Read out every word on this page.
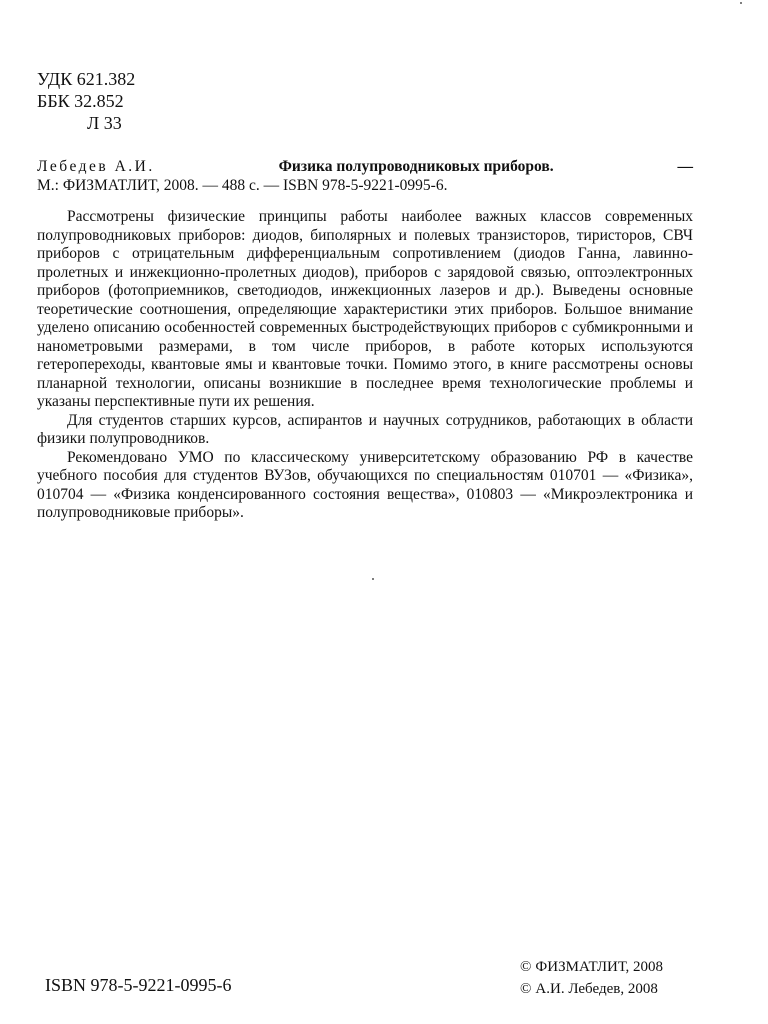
УДК 621.382
ББК 32.852
Л 33
Лебедев А.И.	Физика полупроводниковых приборов.	—
М.: ФИЗМАТЛИТ, 2008. — 488 с. — ISBN 978-5-9221-0995-6.

Рассмотрены физические принципы работы наиболее важных классов современных полупроводниковых приборов: диодов, биполярных и полевых транзисторов, тиристоров, СВЧ приборов с отрицательным дифференциальным сопротивлением (диодов Ганна, лавинно-пролетных и инжекционно-пролетных диодов), приборов с зарядовой связью, оптоэлектронных приборов (фотоприемников, светодиодов, инжекционных лазеров и др.). Выведены основные теоретические соотношения, определяющие характеристики этих приборов. Большое внимание уделено описанию особенностей современных быстродействующих приборов с субмикронными и нанометровыми размерами, в том числе приборов, в работе которых используются гетеропереходы, квантовые ямы и квантовые точки. Помимо этого, в книге рассмотрены основы планарной технологии, описаны возникшие в последнее время технологические проблемы и указаны перспективные пути их решения.

Для студентов старших курсов, аспирантов и научных сотрудников, работающих в области физики полупроводников.

Рекомендовано УМО по классическому университетскому образованию РФ в качестве учебного пособия для студентов ВУЗов, обучающихся по специальностям 010701 — «Физика», 010704 — «Физика конденсированного состояния вещества», 010803 — «Микроэлектроника и полупроводниковые приборы».

ISBN 978-5-9221-0995-6
© ФИЗМАТЛИТ, 2008
© А.И. Лебедев, 2008
